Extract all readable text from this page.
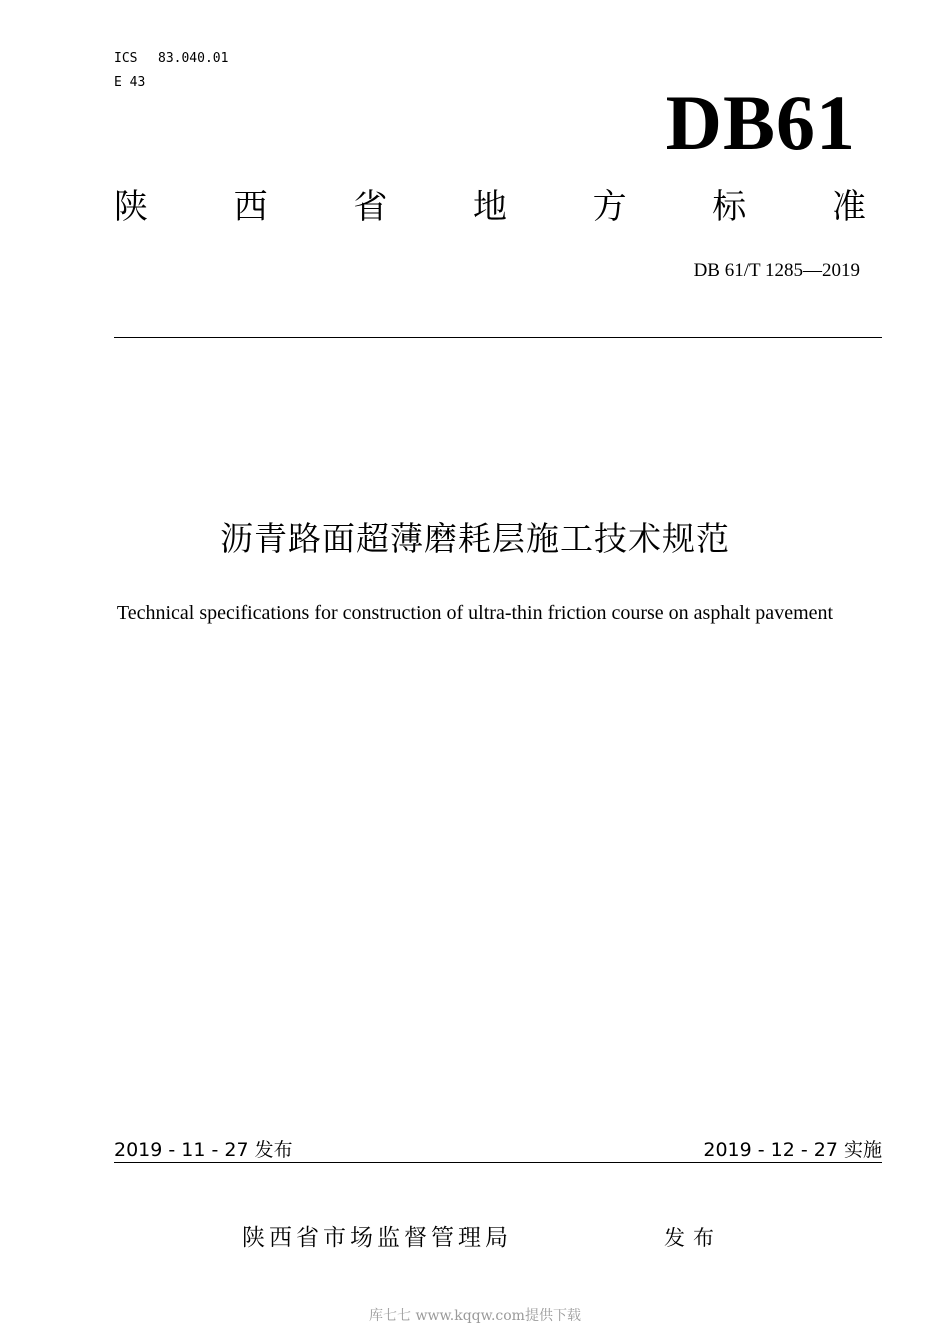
ICS 83.040.01
E 43	DB61
陕	西	省	地	方	标	准
DB 61/T 1285—2019
沥青路面超薄磨耗层施工技术规范
Technical specifications for construction of ultra-thin friction course on asphalt pavement
2019 - 11 - 27 发布	2019 - 12 - 27 实施
陕西省市场监督管理局	发布
库七七 www.kqqw.com提供下载
